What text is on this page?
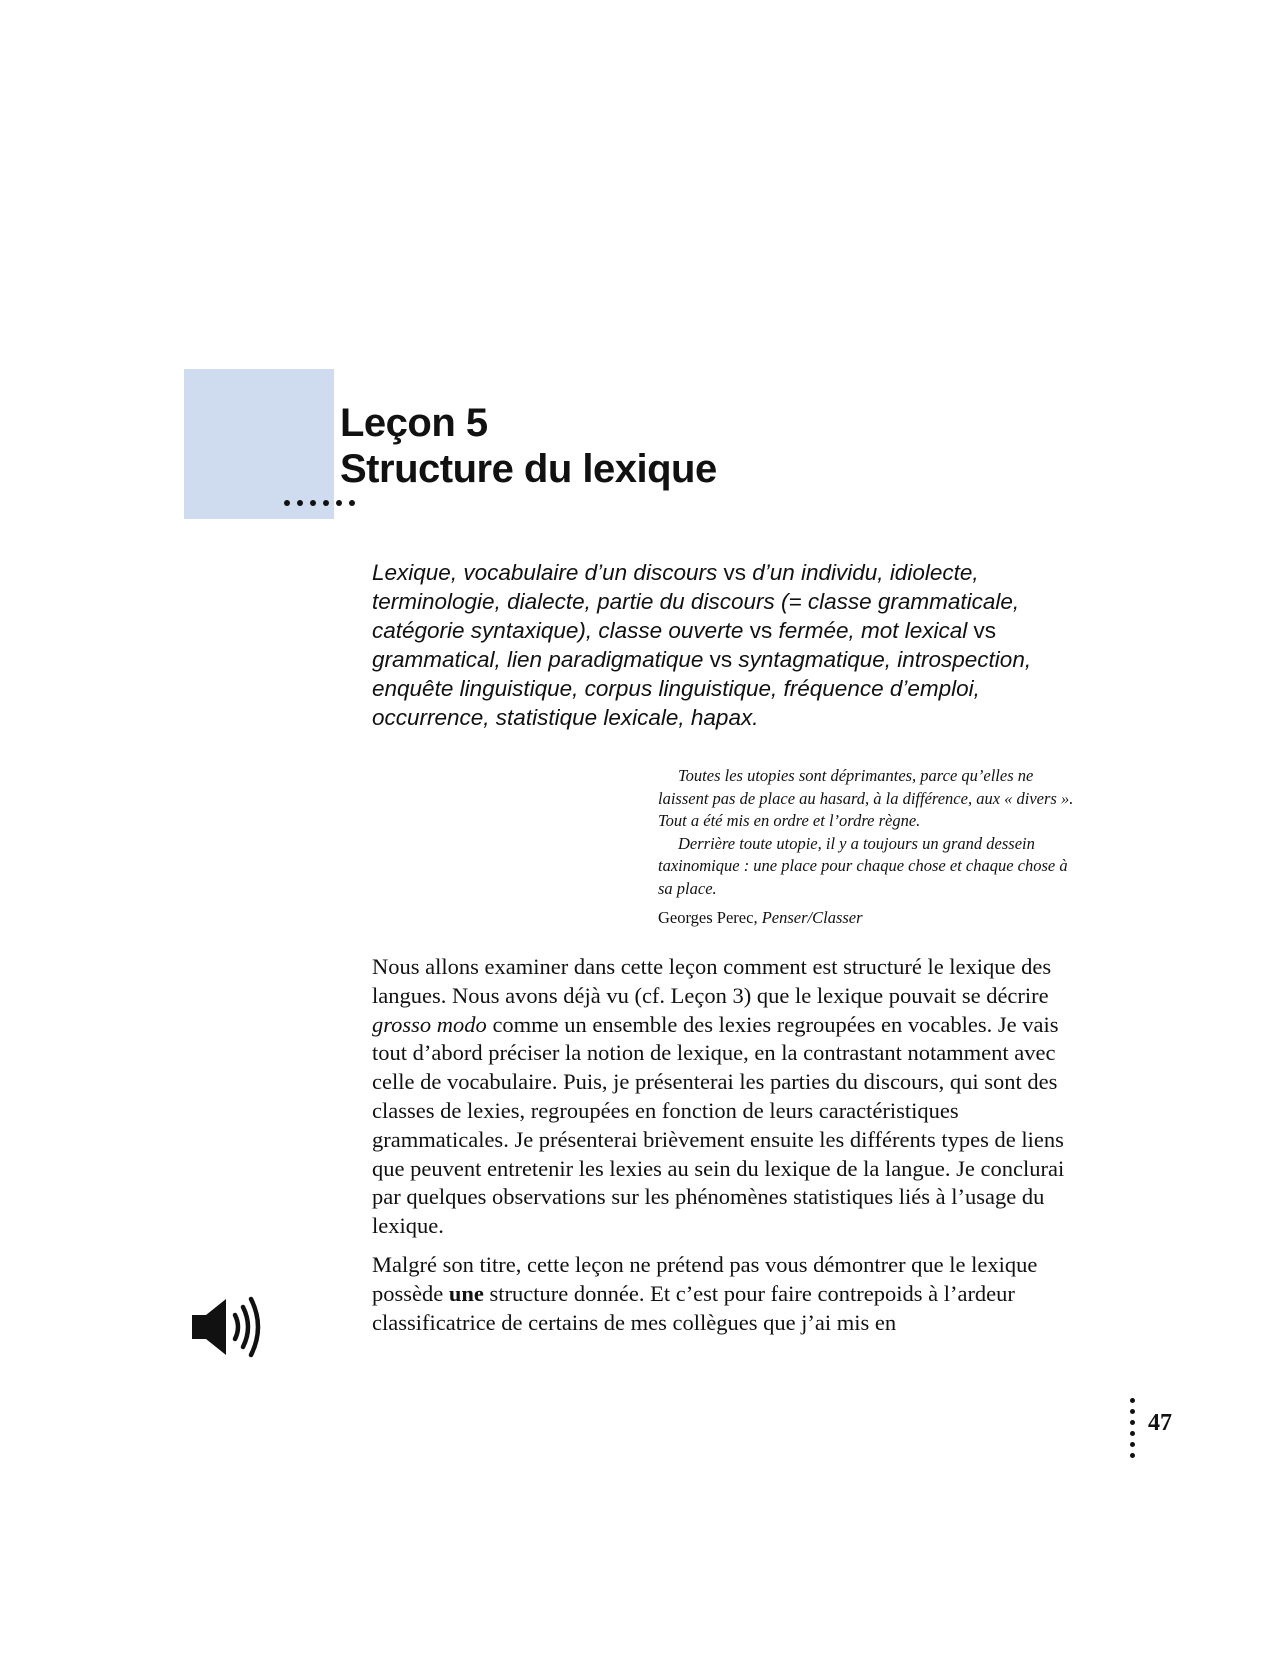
Leçon 5
Structure du lexique

Lexique, vocabulaire d’un discours vs d’un individu, idiolecte, terminologie, dialecte, partie du discours (= classe grammaticale, catégorie syntaxique), classe ouverte vs fermée, mot lexical vs grammatical, lien paradigmatique vs syntagmatique, introspection, enquête linguistique, corpus linguistique, fréquence d’emploi, occurrence, statistique lexicale, hapax.

Toutes les utopies sont déprimantes, parce qu’elles ne laissent pas de place au hasard, à la différence, aux « divers ». Tout a été mis en ordre et l’ordre règne.

Derrière toute utopie, il y a toujours un grand dessein taxinomique : une place pour chaque chose et chaque chose à sa place.

Georges Perec, Penser/Classer

Nous allons examiner dans cette leçon comment est structuré le lexique des langues. Nous avons déjà vu (cf. Leçon 3) que le lexique pouvait se décrire grosso modo comme un ensemble des lexies regroupées en vocables. Je vais tout d’abord préciser la notion de lexique, en la contrastant notamment avec celle de vocabulaire. Puis, je présenterai les parties du discours, qui sont des classes de lexies, regroupées en fonction de leurs caractéristiques grammaticales. Je présenterai brièvement ensuite les différents types de liens que peuvent entretenir les lexies au sein du lexique de la langue. Je conclurai par quelques observations sur les phénomènes statistiques liés à l’usage du lexique.

Malgré son titre, cette leçon ne prétend pas vous démontrer que le lexique possède une structure donnée. Et c’est pour faire contrepoids à l’ardeur classificatrice de certains de mes collègues que j’ai mis en

47
